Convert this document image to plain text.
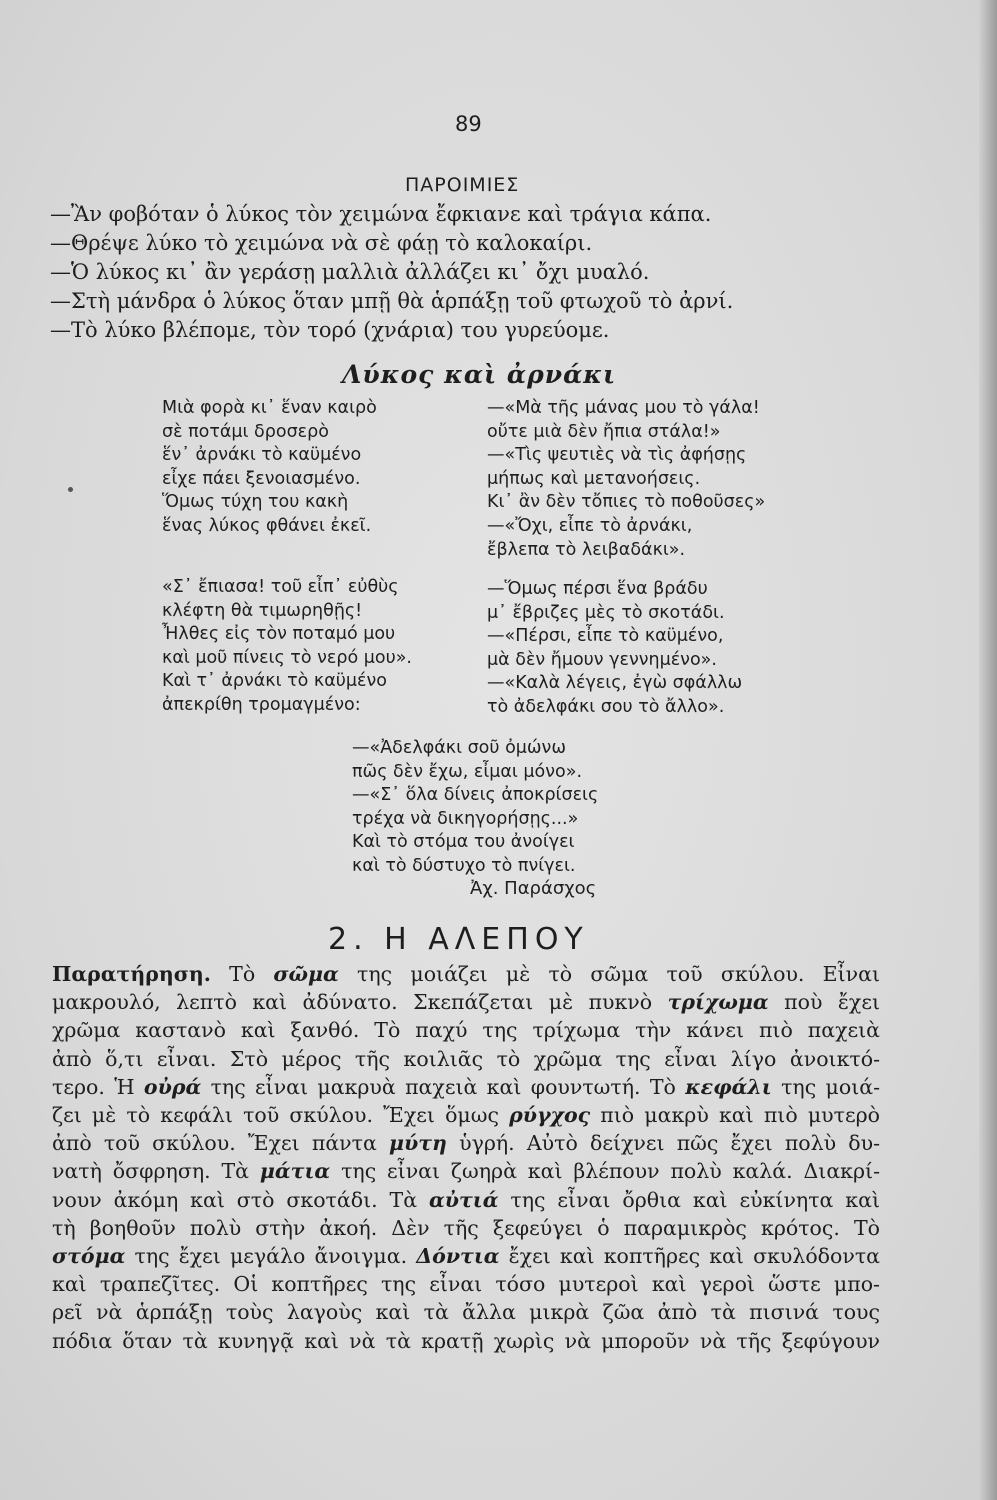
89
ΠΑΡΟΙΜΙΕΣ
—Ἂν φοβόταν ὁ λύκος τὸν χειμώνα ἔφκιανε καὶ τράγια κάπα.
—Θρέψε λύκο τὸ χειμώνα νὰ σὲ φάῃ τὸ καλοκαίρι.
—Ὁ λύκος κι᾿ ἂν γεράσῃ μαλλιὰ ἀλλάζει κι᾿ ὄχι μυαλό.
—Στὴ μάνδρα ὁ λύκος ὅταν μπῇ θὰ ἁρπάξῃ τοῦ φτωχοῦ τὸ ἀρνί.
—Τὸ λύκο βλέπομε, τὸν τορό (χνάρια) του γυρεύομε.
Λύκος καὶ ἀρνάκι
Μιὰ φορὰ κι᾿ ἕναν καιρὸ
σὲ ποτάμι δροσερὸ
ἕν᾿ ἀρνάκι τὸ καϋμένο
εἶχε πάει ξενοιασμένο.
Ὅμως τύχη του κακὴ
ἕνας λύκος φθάνει ἐκεῖ.
«Σ᾿ ἔπιασα! τοῦ εἶπ᾿ εὐθὺς
κλέφτη θὰ τιμωρηθῇς!
Ἦλθες εἰς τὸν ποταμό μου
καὶ μοῦ πίνεις τὸ νερό μου».
Καὶ τ᾿ ἀρνάκι τὸ καϋμένο
ἀπεκρίθη τρομαγμένο:
—«Μὰ τῆς μάνας μου τὸ γάλα!
οὔτε μιὰ δὲν ἤπια στάλα!»
—«Τὶς ψευτιὲς νὰ τὶς ἀφήσῃς
μήπως καὶ μετανοήσεις.
Κι᾿ ἂν δὲν τὄπιες τὸ ποθοῦσες»
—«Ὄχι, εἶπε τὸ ἀρνάκι,
ἔβλεπα τὸ λειβαδάκι».
—Ὅμως πέρσι ἕνα βράδυ
μ᾿ ἔβριζες μὲς τὸ σκοτάδι.
—«Πέρσι, εἶπε τὸ καϋμένο,
μὰ δὲν ἤμουν γεννημένο».
—«Καλὰ λέγεις, ἐγὼ σφάλλω
τὸ ἀδελφάκι σου τὸ ἄλλο».
—«Ἀδελφάκι σοῦ ὀμώνω
πῶς δὲν ἔχω, εἶμαι μόνο».
—«Σ᾿ ὅλα δίνεις ἀποκρίσεις
τρέχα νὰ δικηγορήσῃς...»
Καὶ τὸ στόμα του ἀνοίγει
καὶ τὸ δύστυχο τὸ πνίγει.
Ἀχ. Παράσχος
2. Η ΑΛΕΠΟΥ
Παρατήρηση. Τὸ σῶμα της μοιάζει μὲ τὸ σῶμα τοῦ σκύλου. Εἶναι
μακρουλό, λεπτὸ καὶ ἀδύνατο. Σκεπάζεται μὲ πυκνὸ τρίχωμα ποὺ ἔχει
χρῶμα καστανὸ καὶ ξανθό. Τὸ παχύ της τρίχωμα τὴν κάνει πιὸ παχειὰ
ἀπὸ ὅ,τι εἶναι. Στὸ μέρος τῆς κοιλιᾶς τὸ χρῶμα της εἶναι λίγο ἀνοικτό-
τερο. Ἡ οὐρά της εἶναι μακρυὰ παχειὰ καὶ φουντωτή. Τὸ κεφάλι της μοιά-
ζει μὲ τὸ κεφάλι τοῦ σκύλου. Ἔχει ὅμως ρύγχος πιὸ μακρὺ καὶ πιὸ μυτερὸ
ἀπὸ τοῦ σκύλου. Ἔχει πάντα μύτη ὑγρή. Αὐτὸ δείχνει πῶς ἔχει πολὺ δυ-
νατὴ ὄσφρηση. Τὰ μάτια της εἶναι ζωηρὰ καὶ βλέπουν πολὺ καλά. Διακρί-
νουν ἀκόμη καὶ στὸ σκοτάδι. Τὰ αὐτιά της εἶναι ὄρθια καὶ εὐκίνητα καὶ
τὴ βοηθοῦν πολὺ στὴν ἀκοή. Δὲν τῆς ξεφεύγει ὁ παραμικρὸς κρότος. Τὸ
στόμα της ἔχει μεγάλο ἄνοιγμα. Δόντια ἔχει καὶ κοπτῆρες καὶ σκυλόδοντα
καὶ τραπεζῖτες. Οἱ κοπτῆρες της εἶναι τόσο μυτεροὶ καὶ γεροὶ ὥστε μπο-
ρεῖ νὰ ἁρπάξῃ τοὺς λαγοὺς καὶ τὰ ἄλλα μικρὰ ζῶα ἀπὸ τὰ πισινά τους
πόδια ὅταν τὰ κυνηγᾷ καὶ νὰ τὰ κρατῇ χωρὶς νὰ μποροῦν νὰ τῆς ξεφύγουν
